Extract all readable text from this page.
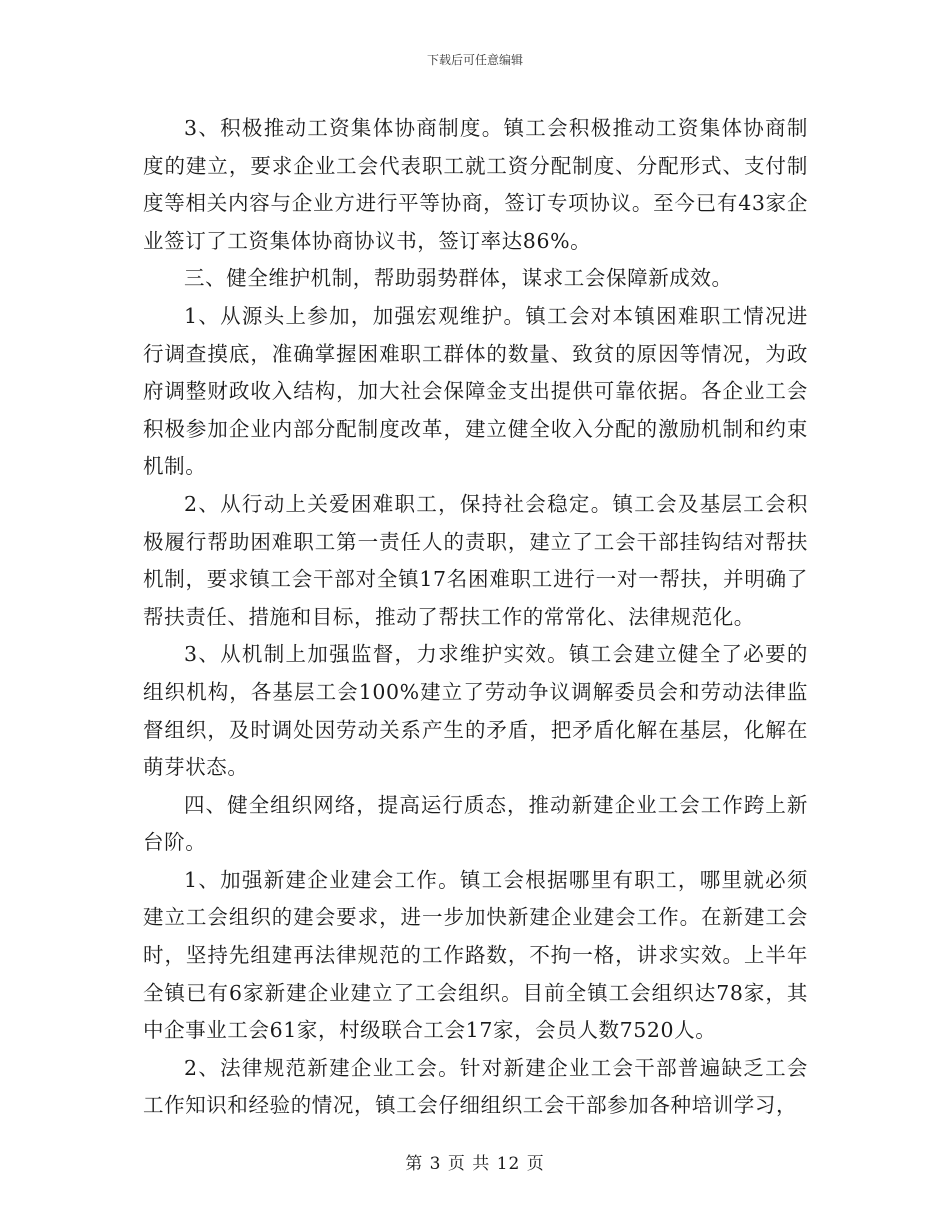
下载后可任意编辑

3、积极推动工资集体协商制度。镇工会积极推动工资集体协商制度的建立，要求企业工会代表职工就工资分配制度、分配形式、支付制度等相关内容与企业方进行平等协商，签订专项协议。至今已有43家企业签订了工资集体协商协议书，签订率达86%。

三、健全维护机制，帮助弱势群体，谋求工会保障新成效。

1、从源头上参加，加强宏观维护。镇工会对本镇困难职工情况进行调查摸底，准确掌握困难职工群体的数量、致贫的原因等情况，为政府调整财政收入结构，加大社会保障金支出提供可靠依据。各企业工会积极参加企业内部分配制度改革，建立健全收入分配的激励机制和约束机制。

2、从行动上关爱困难职工，保持社会稳定。镇工会及基层工会积极履行帮助困难职工第一责任人的责职，建立了工会干部挂钩结对帮扶机制，要求镇工会干部对全镇17名困难职工进行一对一帮扶，并明确了帮扶责任、措施和目标，推动了帮扶工作的常常化、法律规范化。

3、从机制上加强监督，力求维护实效。镇工会建立健全了必要的组织机构，各基层工会100%建立了劳动争议调解委员会和劳动法律监督组织，及时调处因劳动关系产生的矛盾，把矛盾化解在基层，化解在萌芽状态。

四、健全组织网络，提高运行质态，推动新建企业工会工作跨上新台阶。

1、加强新建企业建会工作。镇工会根据哪里有职工，哪里就必须建立工会组织的建会要求，进一步加快新建企业建会工作。在新建工会时，坚持先组建再法律规范的工作路数，不拘一格，讲求实效。上半年全镇已有6家新建企业建立了工会组织。目前全镇工会组织达78家，其中企事业工会61家，村级联合工会17家，会员人数7520人。

2、法律规范新建企业工会。针对新建企业工会干部普遍缺乏工会工作知识和经验的情况，镇工会仔细组织工会干部参加各种培训学习，

第 3 页 共 12 页
